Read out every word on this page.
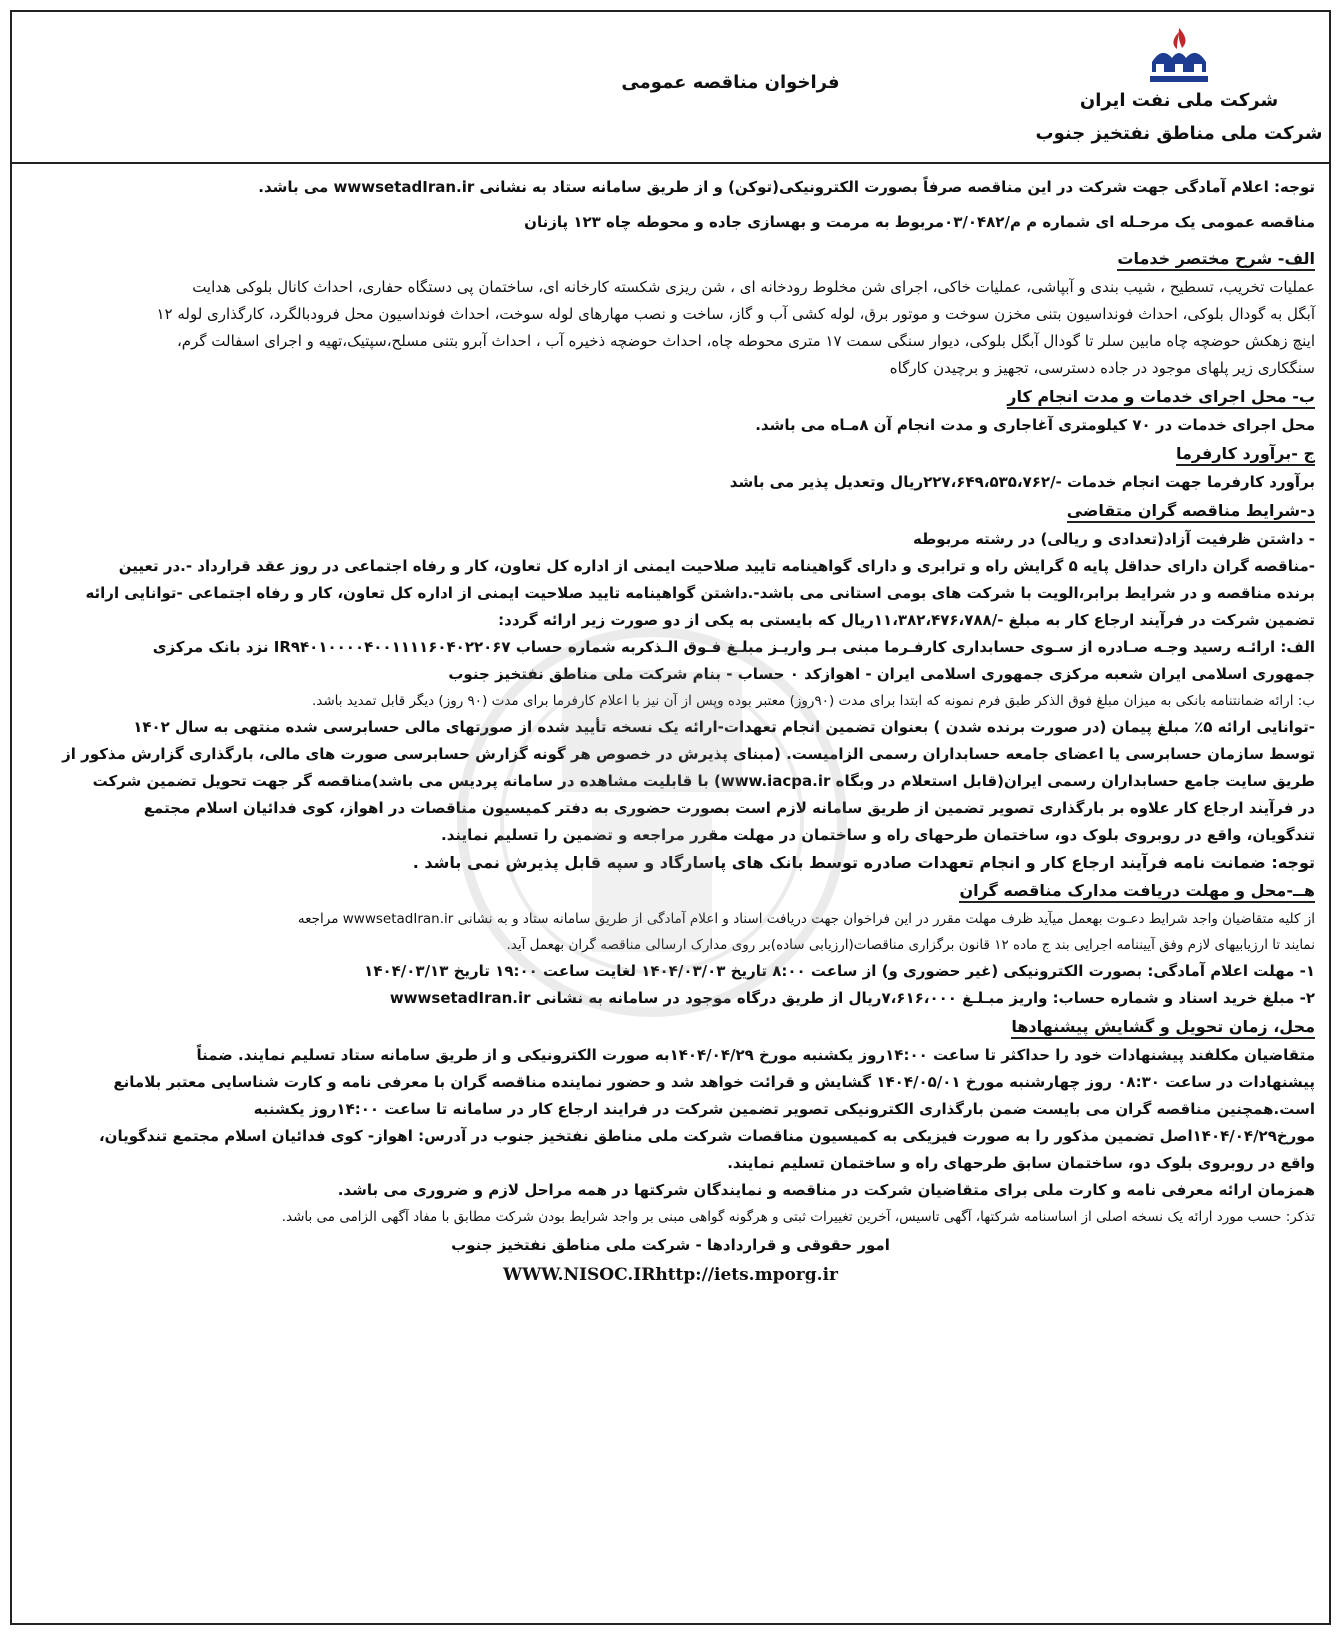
شرکت ملی نفت ایران
شرکت ملی مناطق نفتخیز جنوب
فراخوان مناقصه عمومی
توجه: اعلام آمادگی جهت شرکت در این مناقصه صرفاً بصورت الکترونیکی(توکن) و از طریق سامانه ستاد به نشانی wwwsetadIran.ir می باشد.
مناقصه عمومی یک مرحـله ای شماره م م/۰۳/۰۴۸۲مربوط به مرمت و بهسازی جاده و محوطه چاه ۱۲۳ پازنان
الف- شرح مختصر خدمات
عملیات تخریب، تسطیح ، شیب بندی و آبپاشی، عملیات خاکی، اجرای شن مخلوط رودخانه ای ، شن ریزی شکسته کارخانه ای، ساختمان پی دستگاه حفاری، احداث کانال بلوکی هدایت
آبگل به گودال بلوکی، احداث فونداسیون بتنی مخزن سوخت و موتور برق، لوله کشی آب و گاز، ساخت و نصب مهارهای لوله سوخت، احداث فونداسیون محل فرودبالگرد، کارگذاری لوله ۱۲
اینچ زهکش حوضچه چاه مابین سلر تا گودال آبگل بلوکی، دیوار سنگی سمت ۱۷ متری محوطه چاه، احداث حوضچه ذخیره آب ، احداث آبرو بتنی مسلح،سپتیک،تهیه و اجرای اسفالت گرم،
سنگکاری زیر پلهای موجود در جاده دسترسی، تجهیز و برچیدن کارگاه
ب- محل اجرای خدمات و مدت انجام کار
محل اجرای خدمات در ۷۰ کیلومتری آغاجاری و مدت انجام آن ۸مـاه می باشد.
ج -برآورد کارفرما
برآورد کارفرما جهت انجام خدمات -/۲۲۷،۶۴۹،۵۳۵،۷۶۲ریال وتعدیل پذیر می باشد
د-شرایط مناقصه گران متقاضی
- داشتن ظرفیت آزاد(تعدادی و ریالی) در رشته مربوطه
-مناقصه گران دارای حداقل پایه ۵ گرایش راه و ترابری و دارای گواهینامه تایید صلاحیت ایمنی از اداره کل تعاون، کار و رفاه اجتماعی در روز عقد قرارداد -.در تعیین
برنده مناقصه و در شرایط برابر،الویت با شرکت های بومی استانی می باشد-.داشتن گواهینامه تایید صلاحیت ایمنی از اداره کل تعاون، کار و رفاه اجتماعی -توانایی ارائه
تضمین شرکت در فرآیند ارجاع کار به مبلغ -/۱۱،۳۸۲،۴۷۶،۷۸۸ریال که بایستی به یکی از دو صورت زیر ارائه گردد:
الف: ارائـه رسید وجـه صـادره از سـوی حسابداری کارفـرما مبنی بـر واریـز مبلـغ فـوق الـذکربه شماره حساب IR۹۴۰۱۰۰۰۰۴۰۰۱۱۱۱۶۰۴۰۲۲۰۶۷ نزد بانک مرکزی
جمهوری اسلامی ایران شعبه مرکزی جمهوری اسلامی ایران - اهوازکد ۰ حساب - بنام شرکت ملی مناطق نفتخیز جنوب
ب: ارائه ضمانتنامه بانکی به میزان مبلغ فوق الذکر طبق فرم نمونه که ابتدا برای مدت (۹۰روز) معتبر بوده وپس از آن نیز با اعلام کارفرما برای مدت (۹۰ روز) دیگر قابل تمدید باشد.
-توانایی ارائه ۵٪ مبلغ پیمان (در صورت برنده شدن ) بعنوان تضمین انجام تعهدات-ارائه یک نسخه تأیید شده از صورتهای مالی حسابرسی شده منتهی به سال ۱۴۰۲
توسط سازمان حسابرسی یا اعضای جامعه حسابداران رسمی الزامیست. (مبنای پذیرش در خصوص هر گونه گزارش حسابرسی صورت های مالی، بارگذاری گزارش مذکور از
طریق سایت جامع حسابداران رسمی ایران(قابل استعلام در وبگاه www.iacpa.ir) با قابلیت مشاهده در سامانه پردیس می باشد)مناقصه گر جهت تحویل تضمین شرکت
در فرآیند ارجاع کار علاوه بر بارگذاری تصویر تضمین از طریق سامانه لازم است بصورت حضوری به دفتر کمیسیون مناقصات در اهواز، کوی فدائیان اسلام مجتمع
تندگویان، واقع در روبروی بلوک دو، ساختمان طرحهای راه و ساختمان در مهلت مقرر مراجعه و تضمین را تسلیم نمایند.
توجه: ضمانت نامه فرآیند ارجاع کار و انجام تعهدات صادره توسط بانک های پاسارگاد و سپه قابل پذیرش نمی باشد .
هــ-محل و مهلت دریافت مدارک مناقصه گران
از کلیه متقاضیان واجد شرایط دعـوت بهعمل میآید ظرف مهلت مقرر در این فراخوان جهت دریافت اسناد و اعلام آمادگی از طریق سامانه ستاد و به نشانی wwwsetadIran.ir مراجعه
نمایند تا ارزیابیهای لازم وفق آییننامه اجرایی بند ج ماده ۱۲ قانون برگزاری مناقصات(ارزیابی ساده)بر روی مدارک ارسالی مناقصه گران بهعمل آید.
۱- مهلت اعلام آمادگی: بصورت الکترونیکی (غیر حضوری و) از ساعت ۸:۰۰ تاریخ ۱۴۰۴/۰۳/۰۳ لغایت ساعت ۱۹:۰۰ تاریخ ۱۴۰۴/۰۳/۱۳
۲- مبلغ خرید اسناد و شماره حساب: واریز مبـلـغ ۷،۶۱۶،۰۰۰ریال از طریق درگاه موجود در سامانه به نشانی wwwsetadIran.ir
محل، زمان تحویل و گشایش پیشنهادها
متقاضیان مکلفند پیشنهادات خود را حداکثر تا ساعت ۱۴:۰۰روز یکشنبه مورخ ۱۴۰۴/۰۴/۲۹به صورت الکترونیکی و از طریق سامانه ستاد تسلیم نمایند. ضمناً
پیشنهادات در ساعت ۰۸:۳۰ روز چهارشنبه مورخ ۱۴۰۴/۰۵/۰۱ گشایش و قرائت خواهد شد و حضور نماینده مناقصه گران با معرفی نامه و کارت شناسایی معتبر بلامانع
است.همچنین مناقصه گران می بایست ضمن بارگذاری الکترونیکی تصویر تضمین شرکت در فرایند ارجاع کار در سامانه تا ساعت ۱۴:۰۰روز یکشنبه
مورخ۱۴۰۴/۰۴/۲۹اصل تضمین مذکور را به صورت فیزیکی به کمیسیون مناقصات شرکت ملی مناطق نفتخیز جنوب در آدرس: اهواز- کوی فدائیان اسلام مجتمع تندگویان،
واقع در روبروی بلوک دو، ساختمان سابق طرحهای راه و ساختمان تسلیم نمایند.
همزمان ارائه معرفی نامه و کارت ملی برای متقاضیان شرکت در مناقصه و نمایندگان شرکتها در همه مراحل لازم و ضروری می باشد.
تذکر: حسب مورد ارائه یک نسخه اصلی از اساسنامه شرکتها، آگهی تاسیس، آخرین تغییرات ثبتی و هرگونه گواهی مبنی بر واجد شرایط بودن شرکت مطابق با مفاد آگهی الزامی می باشد.
امور حقوقی و قراردادها - شرکت ملی مناطق نفتخیز جنوب
WWW.NISOC.IRhttp://iets.mporg.ir
